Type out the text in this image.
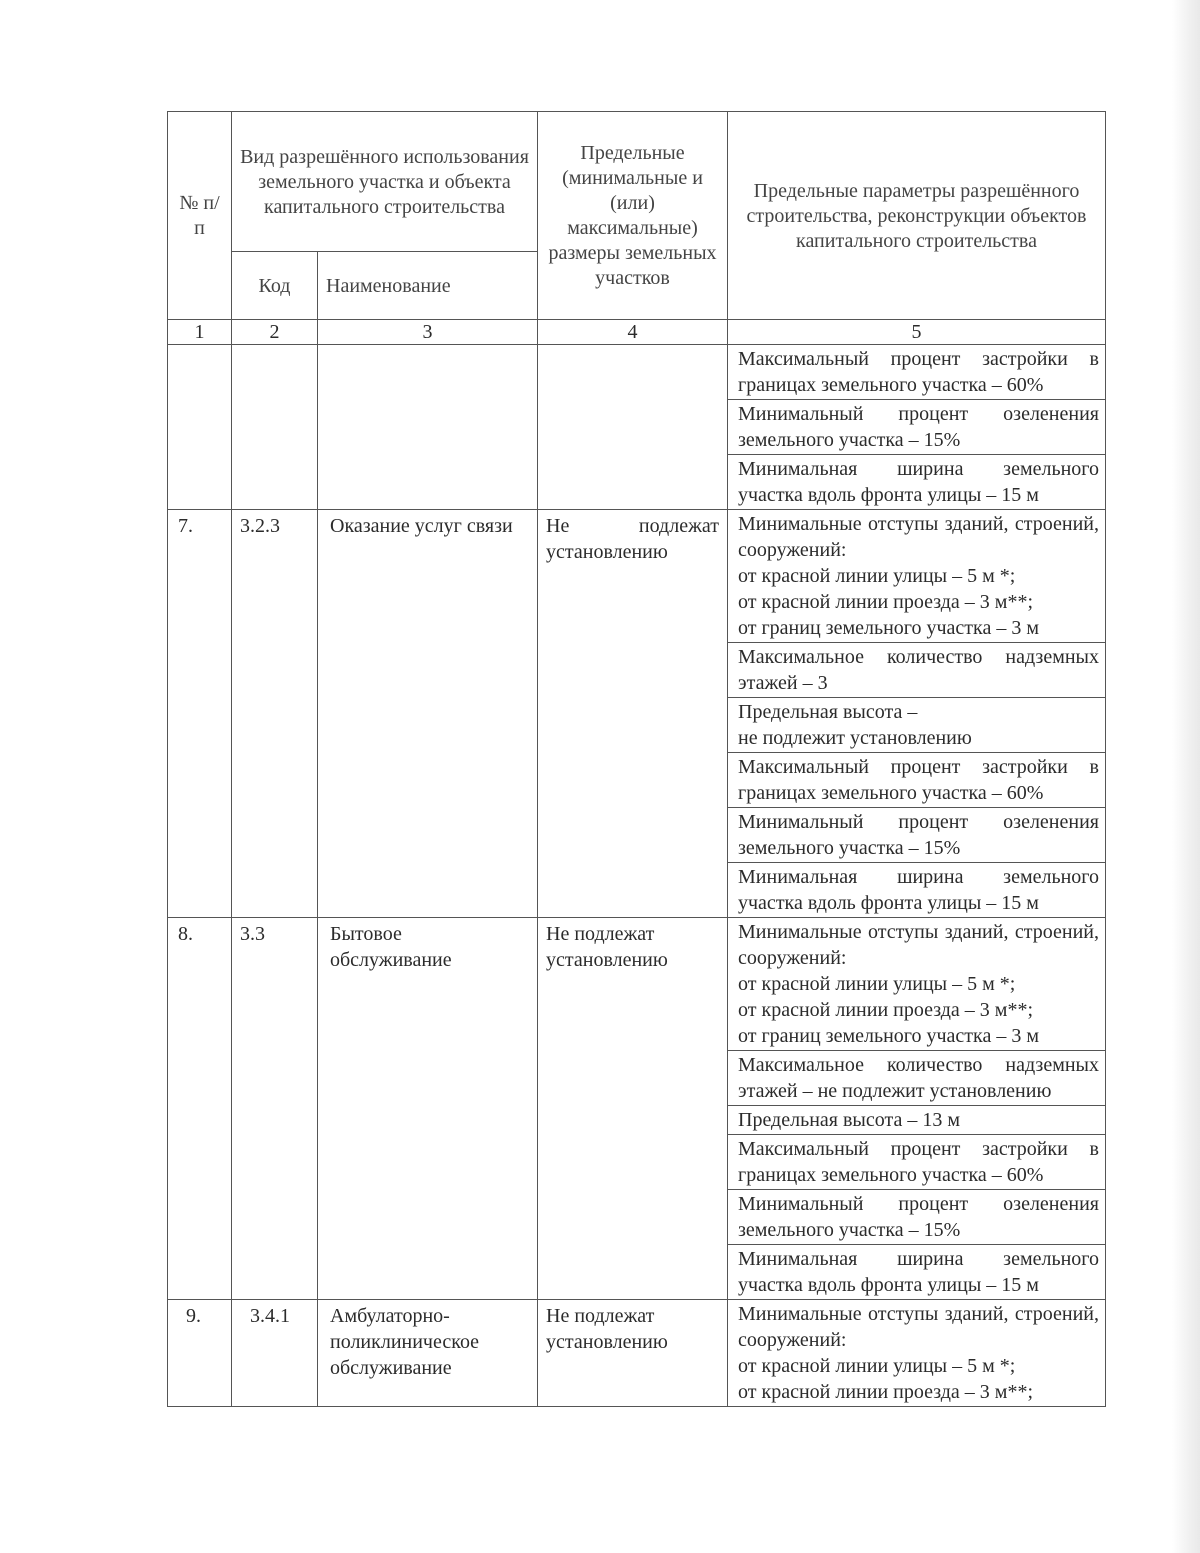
№ п/п	Вид разрешённого использования земельного участка и объекта капитального строительства		Предельные (минимальные и (или) максимальные) размеры земельных участков	Предельные параметры разрешённого строительства, реконструкции объектов капитального строительства
	Код	Наименование		
1	2	3	4	5

				Максимальный процент застройки в границах земельного участка – 60%

				Минимальный процент озеленения земельного участка – 15%

				Минимальная ширина земельного участка вдоль фронта улицы – 15 м

7.	3.2.3	Оказание услуг связи	Не подлежат установлению	Минимальные отступы зданий, строений, сооружений:
от красной линии улицы – 5 м *;
от красной линии проезда – 3 м**;
от границ земельного участка – 3 м

				Максимальное количество надземных этажей – 3

				Предельная высота –
не подлежит установлению

				Максимальный процент застройки в границах земельного участка – 60%

				Минимальный процент озеленения земельного участка – 15%

				Минимальная ширина земельного участка вдоль фронта улицы – 15 м

8.	3.3	Бытовое обслуживание	Не подлежат установлению	Минимальные отступы зданий, строений, сооружений:
от красной линии улицы – 5 м *;
от красной линии проезда – 3 м**;
от границ земельного участка – 3 м

				Максимальное количество надземных этажей – не подлежит установлению

				Предельная высота – 13 м

				Максимальный процент застройки в границах земельного участка – 60%

				Минимальный процент озеленения земельного участка – 15%

				Минимальная ширина земельного участка вдоль фронта улицы – 15 м

9.	3.4.1	Амбулаторно-поликлиническое обслуживание	Не подлежат установлению	Минимальные отступы зданий, строений, сооружений:
от красной линии улицы – 5 м *;
от красной линии проезда – 3 м**;
